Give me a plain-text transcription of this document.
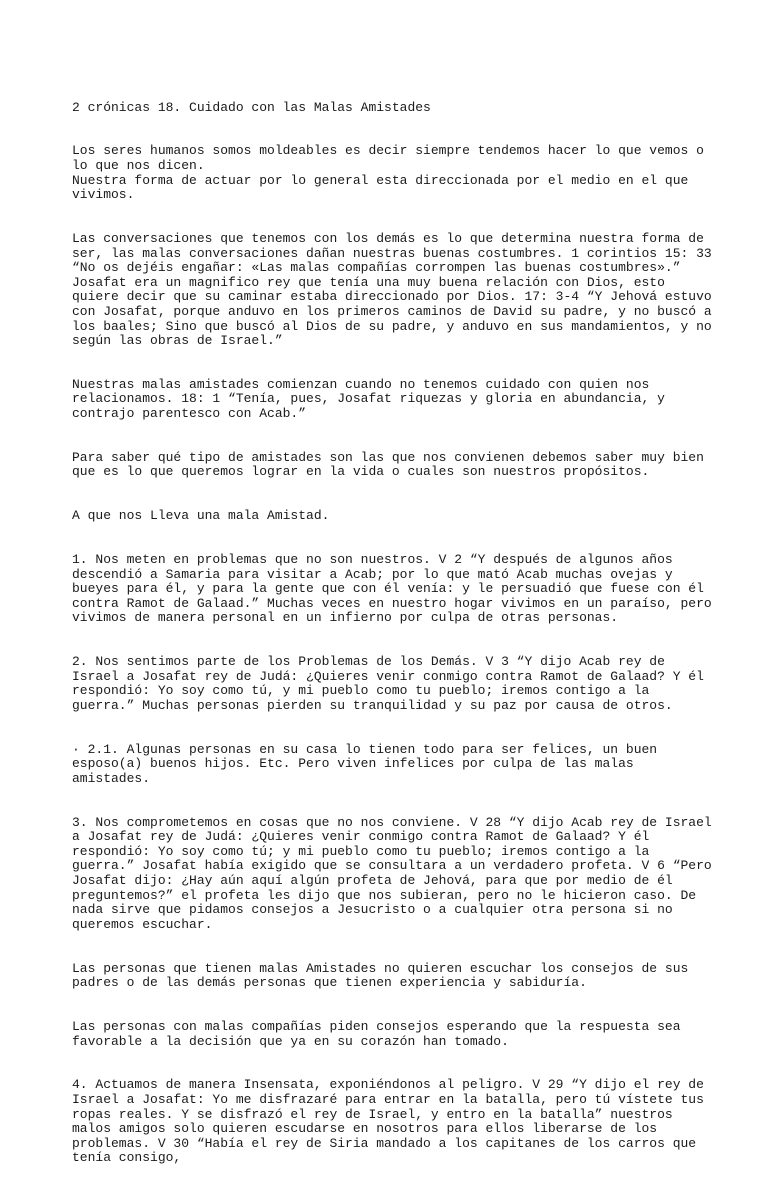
2 crónicas 18. Cuidado con las Malas Amistades

Los seres humanos somos moldeables es decir siempre tendemos hacer lo que vemos o lo que nos dicen.
Nuestra forma de actuar por lo general esta direccionada por el medio en el que vivimos.

Las conversaciones que tenemos con los demás es lo que determina nuestra forma de ser, las malas conversaciones dañan nuestras buenas costumbres. 1 corintios 15: 33 “No os dejéis engañar: «Las malas compañías corrompen las buenas costumbres».” Josafat era un magnifico rey que tenía una muy buena relación con Dios, esto quiere decir que su caminar estaba direccionado por Dios. 17: 3-4 “Y Jehová estuvo con Josafat, porque anduvo en los primeros caminos de David su padre, y no buscó a los baales; Sino que buscó al Dios de su padre, y anduvo en sus mandamientos, y no según las obras de Israel.”

Nuestras malas amistades comienzan cuando no tenemos cuidado con quien nos relacionamos. 18: 1 “Tenía, pues, Josafat riquezas y gloria en abundancia, y contrajo parentesco con Acab.”

Para saber qué tipo de amistades son las que nos convienen debemos saber muy bien que es lo que queremos lograr en la vida o cuales son nuestros propósitos.

A que nos Lleva una mala Amistad.

1. Nos meten en problemas que no son nuestros. V 2 “Y después de algunos años descendió a Samaria para visitar a Acab; por lo que mató Acab muchas ovejas y bueyes para él, y para la gente que con él venía: y le persuadió que fuese con él contra Ramot de Galaad.” Muchas veces en nuestro hogar vivimos en un paraíso, pero vivimos de manera personal en un infierno por culpa de otras personas.

2. Nos sentimos parte de los Problemas de los Demás. V 3 “Y dijo Acab rey de Israel a Josafat rey de Judá: ¿Quieres venir conmigo contra Ramot de Galaad? Y él respondió: Yo soy como tú, y mi pueblo como tu pueblo; iremos contigo a la guerra.” Muchas personas pierden su tranquilidad y su paz por causa de otros.

· 2.1. Algunas personas en su casa lo tienen todo para ser felices, un buen esposo(a) buenos hijos. Etc. Pero viven infelices por culpa de las malas amistades.

3. Nos comprometemos en cosas que no nos conviene. V 28 “Y dijo Acab rey de Israel a Josafat rey de Judá: ¿Quieres venir conmigo contra Ramot de Galaad? Y él respondió: Yo soy como tú; y mi pueblo como tu pueblo; iremos contigo a la guerra.” Josafat había exigido que se consultara a un verdadero profeta. V 6 “Pero Josafat dijo: ¿Hay aún aquí algún profeta de Jehová, para que por medio de él preguntemos?” el profeta les dijo que nos subieran, pero no le hicieron caso. De nada sirve que pidamos consejos a Jesucristo o a cualquier otra persona si no queremos escuchar.

Las personas que tienen malas Amistades no quieren escuchar los consejos de sus padres o de las demás personas que tienen experiencia y sabiduría.

Las personas con malas compañías piden consejos esperando que la respuesta sea favorable a la decisión que ya en su corazón han tomado.

4. Actuamos de manera Insensata, exponiéndonos al peligro. V 29 “Y dijo el rey de Israel a Josafat: Yo me disfrazaré para entrar en la batalla, pero tú vístete tus ropas reales. Y se disfrazó el rey de Israel, y entro en la batalla” nuestros malos amigos solo quieren escudarse en nosotros para ellos liberarse de los problemas. V 30 “Había el rey de Siria mandado a los capitanes de los carros que tenía consigo,
